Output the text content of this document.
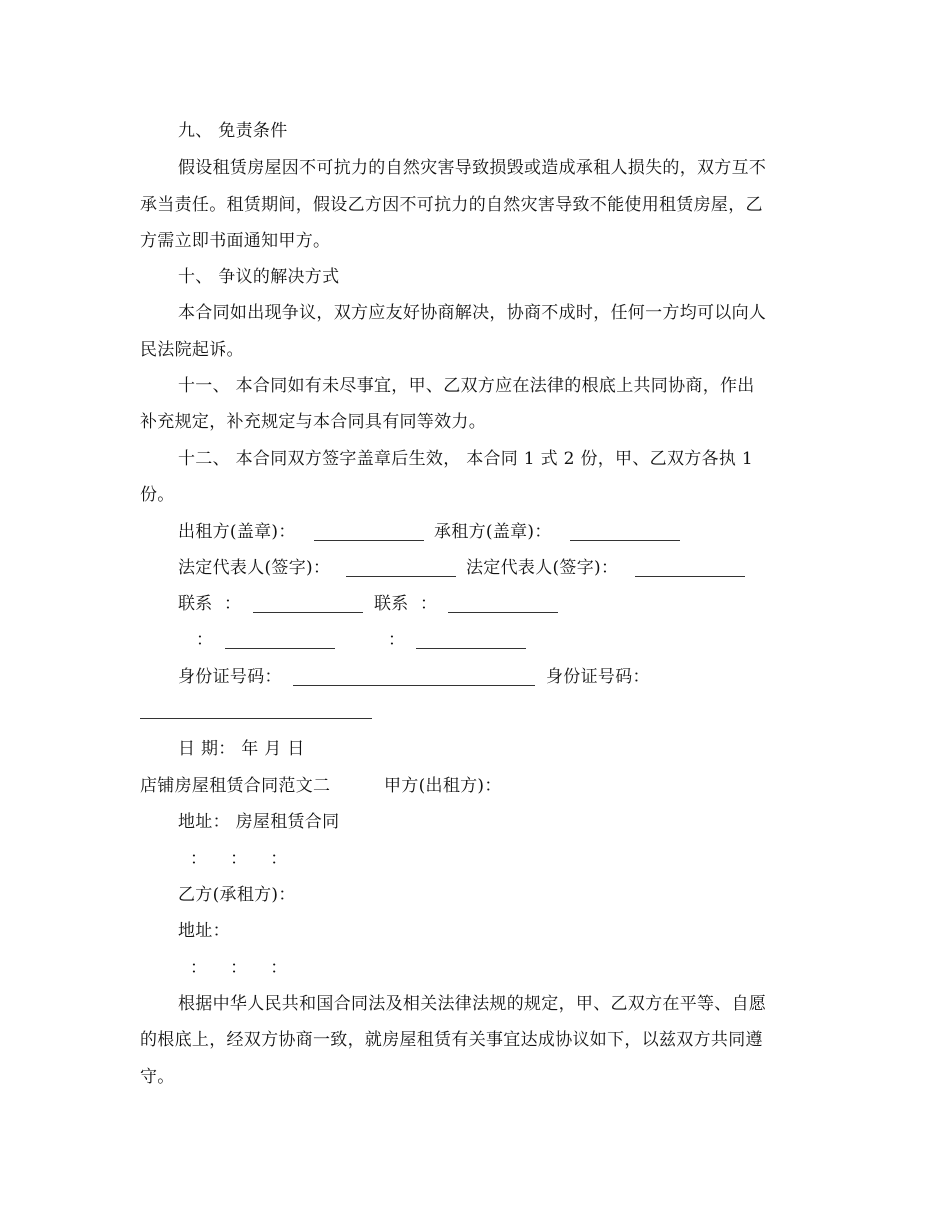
九、 免责条件
假设租赁房屋因不可抗力的自然灾害导致损毁或造成承租人损失的，双方互不
承当责任。租赁期间，假设乙方因不可抗力的自然灾害导致不能使用租赁房屋，乙
方需立即书面通知甲方。
十、 争议的解决方式
本合同如出现争议，双方应友好协商解决，协商不成时，任何一方均可以向人
民法院起诉。
十一、 本合同如有未尽事宜，甲、乙双方应在法律的根底上共同协商，作出
补充规定，补充规定与本合同具有同等效力。
十二、 本合同双方签字盖章后生效， 本合同 1 式 2 份，甲、乙双方各执 1
份。
出租方(盖章)：	承租方(盖章)：
法定代表人(签字)：	法定代表人(签字)：
联系  ：	联系  ：
：	：
身份证号码：	身份证号码：
日 期： 年 月 日
店铺房屋租赁合同范文二	甲方(出租方)：
地址： 房屋租赁合同
：    ：    ：
乙方(承租方)：
地址：
：    ：    ：
根据中华人民共和国合同法及相关法律法规的规定，甲、乙双方在平等、自愿
的根底上，经双方协商一致，就房屋租赁有关事宜达成协议如下，以兹双方共同遵
守。
